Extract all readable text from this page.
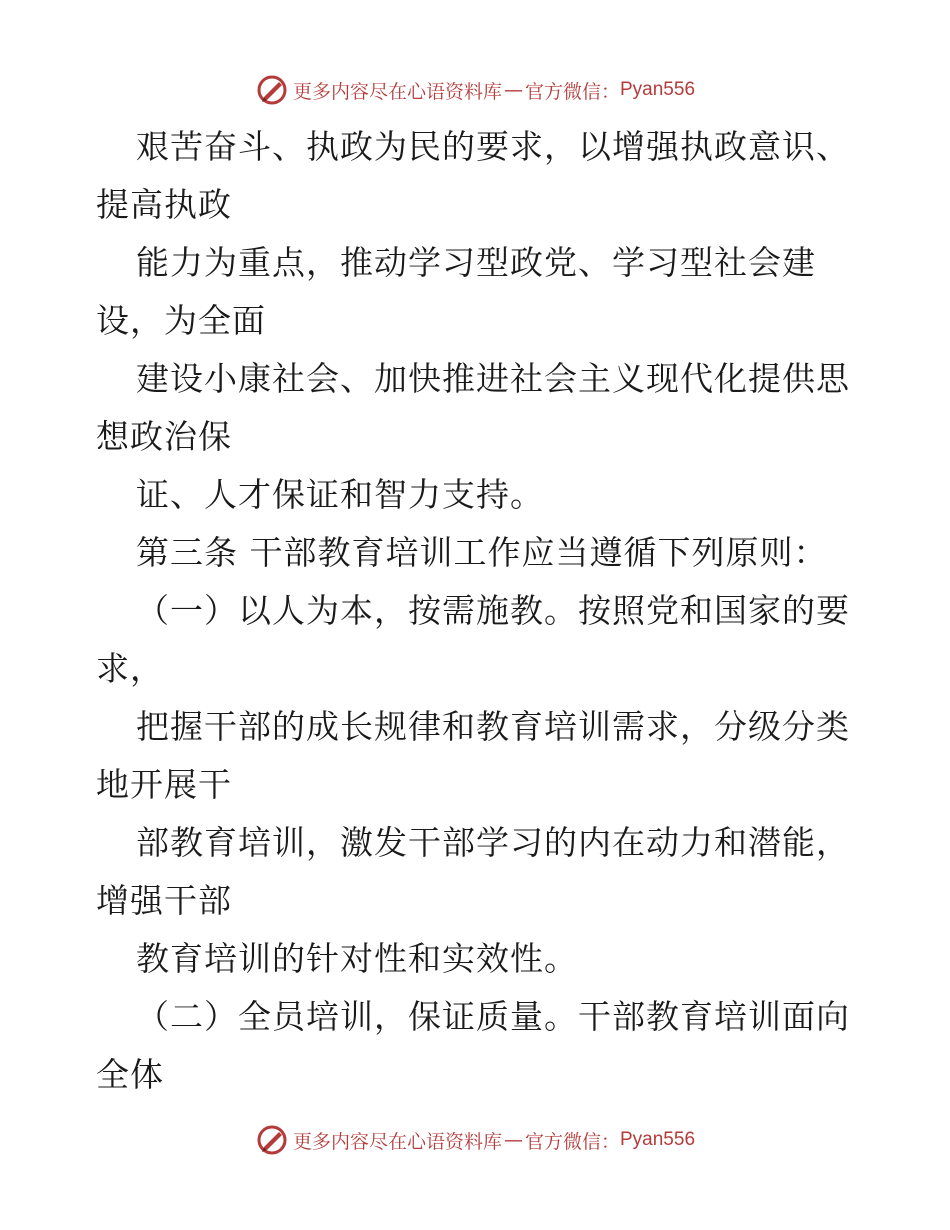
更多内容尽在心语资料库 — 官方微信： Pyan556
艰苦奋斗、执政为民的要求，以增强执政意识、
提高执政
能力为重点，推动学习型政党、学习型社会建
设，为全面
建设小康社会、加快推进社会主义现代化提供思
想政治保
证、人才保证和智力支持。
第三条 干部教育培训工作应当遵循下列原则：
（一）以人为本，按需施教。按照党和国家的要
求，
把握干部的成长规律和教育培训需求，分级分类
地开展干
部教育培训，激发干部学习的内在动力和潜能，
增强干部
教育培训的针对性和实效性。
（二）全员培训，保证质量。干部教育培训面向
全体
更多内容尽在心语资料库 — 官方微信： Pyan556
